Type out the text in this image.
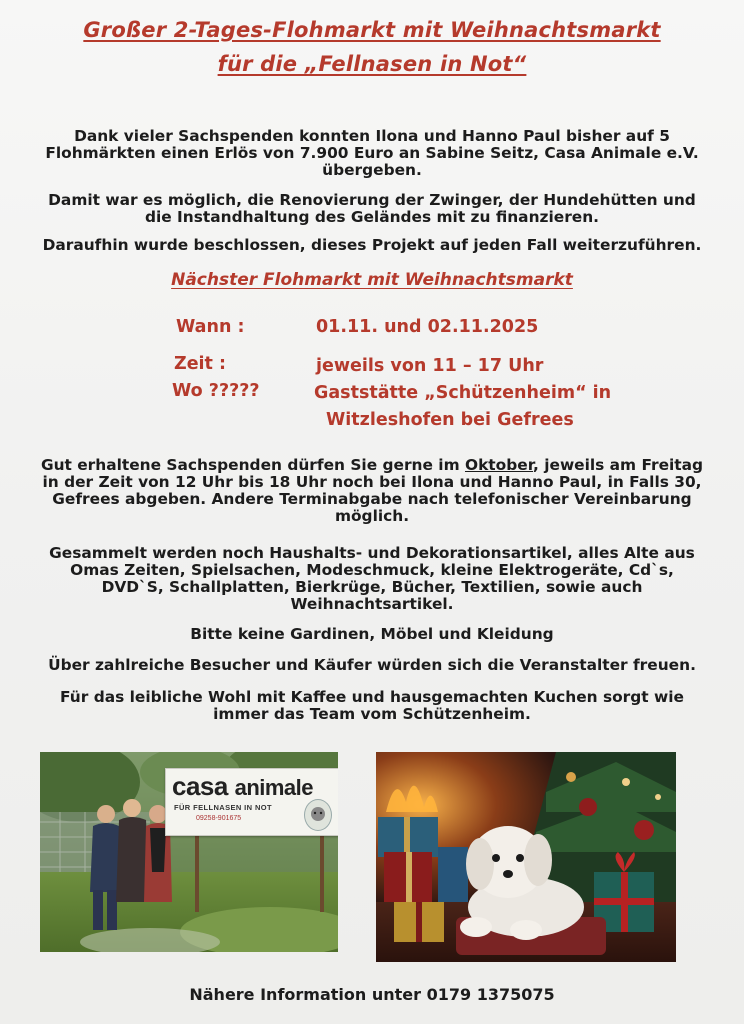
Großer 2-Tages-Flohmarkt mit Weihnachtsmarkt
für die „Fellnasen in Not“
Dank vieler Sachspenden konnten Ilona und Hanno Paul bisher auf 5
Flohmärkten einen Erlös von 7.900 Euro an Sabine Seitz, Casa Animale e.V.
übergeben.
Damit war es möglich, die Renovierung der Zwinger, der Hundehütten und
die Instandhaltung des Geländes mit zu finanzieren.
Daraufhin wurde beschlossen, dieses Projekt auf jeden Fall weiterzuführen.
Nächster Flohmarkt mit Weihnachtsmarkt
Wann :	01.11. und 02.11.2025
Zeit :	jeweils von 11 – 17 Uhr
Wo ?????	Gaststätte „Schützenheim“ in
Witzleshofen bei Gefrees
Gut erhaltene Sachspenden dürfen Sie gerne im Oktober, jeweils am Freitag
in der Zeit von 12 Uhr bis 18 Uhr noch bei Ilona und Hanno Paul, in Falls 30,
Gefrees abgeben. Andere Terminabgabe nach telefonischer Vereinbarung
möglich.
Gesammelt werden noch Haushalts- und Dekorationsartikel, alles Alte aus
Omas Zeiten, Spielsachen, Modeschmuck, kleine Elektrogeräte, Cd`s,
DVD`S, Schallplatten, Bierkrüge, Bücher, Textilien, sowie auch
Weihnachtsartikel.
Bitte keine Gardinen, Möbel und Kleidung
Über zahlreiche Besucher und Käufer würden sich die Veranstalter freuen.
Für das leibliche Wohl mit Kaffee und hausgemachten Kuchen sorgt wie
immer das Team vom Schützenheim.
casa animale
FÜR FELLNASEN IN NOT
09258-901675
Nähere Information unter 0179 1375075
